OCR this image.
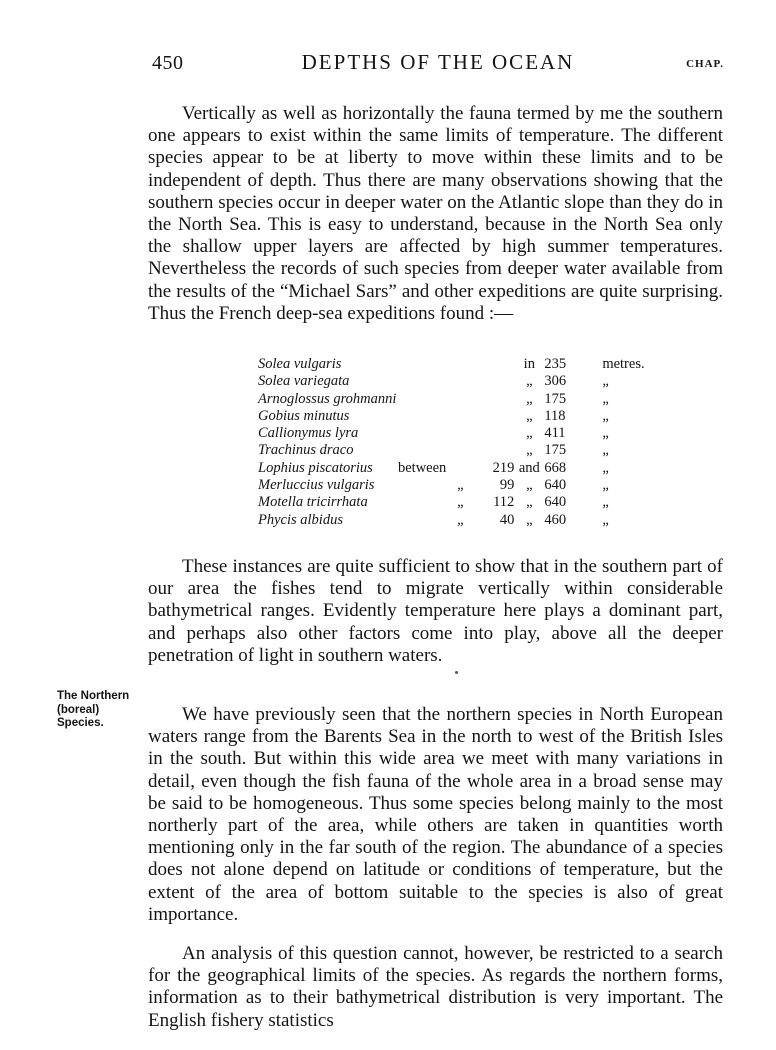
450	DEPTHS OF THE OCEAN	CHAP.

Vertically as well as horizontally the fauna termed by me the southern one appears to exist within the same limits of temperature. The different species appear to be at liberty to move within these limits and to be independent of depth. Thus there are many observations showing that the southern species occur in deeper water on the Atlantic slope than they do in the North Sea. This is easy to understand, because in the North Sea only the shallow upper layers are affected by high summer temperatures. Nevertheless the records of such species from deeper water available from the results of the “Michael Sars” and other expeditions are quite surprising. Thus the French deep-sea expeditions found :—

Solea vulgaris				in	235	metres.
Solea variegata				„	306	„
Arnoglossus grohmanni				„	175	„
Gobius minutus				„	118	„
Callionymus lyra				„	411	„
Trachinus draco				„	175	„
Lophius piscatorius	between		219	and	668	„
Merluccius vulgaris		„	99	„	640	„
Motella tricirrhata		„	112	„	640	„
Phycis albidus		„	40	„	460	„

These instances are quite sufficient to show that in the southern part of our area the fishes tend to migrate vertically within considerable bathymetrical ranges. Evidently temperature here plays a dominant part, and perhaps also other factors come into play, above all the deeper penetration of light in southern waters.

The Northern
(boreal)
Species.	We have previously seen that the northern species in North European waters range from the Barents Sea in the north to west of the British Isles in the south. But within this wide area we meet with many variations in detail, even though the fish fauna of the whole area in a broad sense may be said to be homogeneous. Thus some species belong mainly to the most northerly part of the area, while others are taken in quantities worth mentioning only in the far south of the region. The abundance of a species does not alone depend on latitude or conditions of temperature, but the extent of the area of bottom suitable to the species is also of great importance.

An analysis of this question cannot, however, be restricted to a search for the geographical limits of the species. As regards the northern forms, information as to their bathymetrical distribution is very important. The English fishery statistics
